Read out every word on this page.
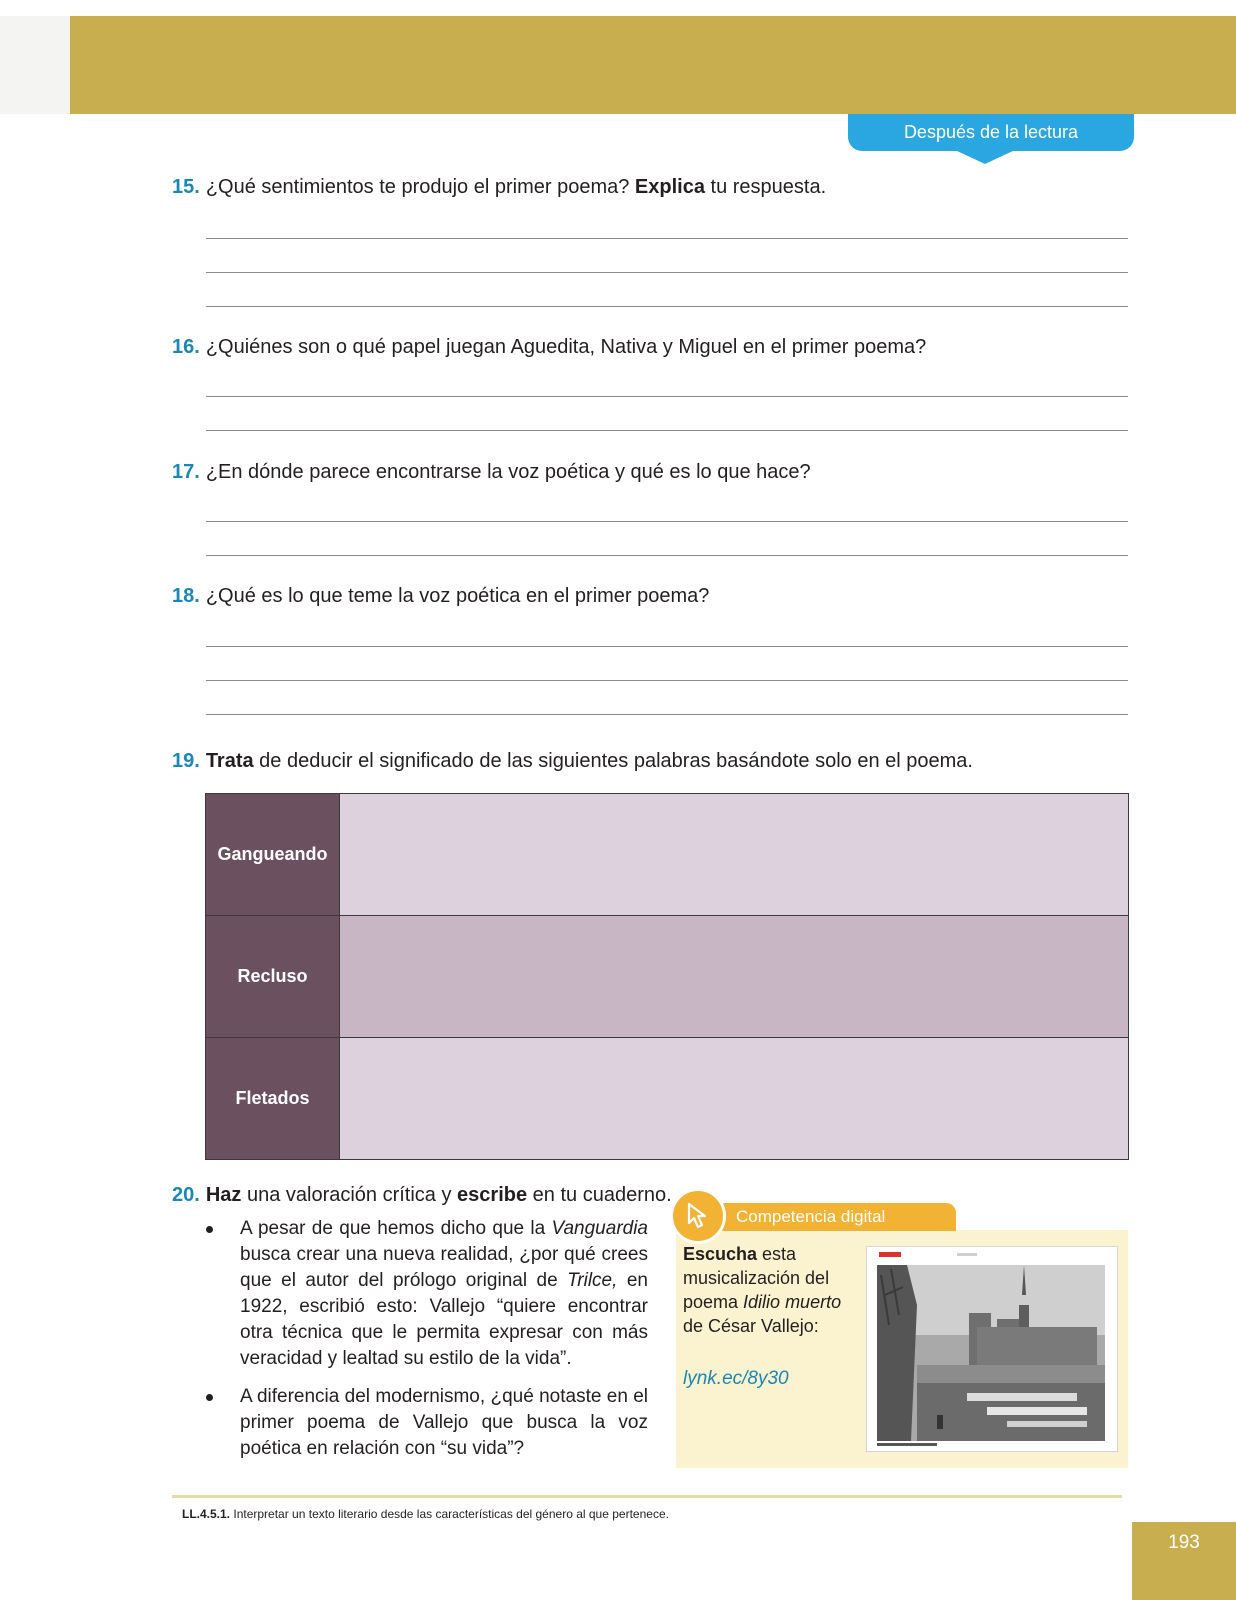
Después de la lectura
15. ¿Qué sentimientos te produjo el primer poema? Explica tu respuesta.
16. ¿Quiénes son o qué papel juegan Aguedita, Nativa y Miguel en el primer poema?
17. ¿En dónde parece encontrarse la voz poética y qué es lo que hace?
18. ¿Qué es lo que teme la voz poética en el primer poema?
19. Trata de deducir el significado de las siguientes palabras basándote solo en el poema.
Gangueando	
Recluso	
Fletados	
20. Haz una valoración crítica y escribe en tu cuaderno.
A pesar de que hemos dicho que la Vanguardia busca crear una nueva realidad, ¿por qué crees que el autor del prólogo original de Trilce, en 1922, escribió esto: Vallejo “quiere encontrar otra técnica que le permita expresar con más veracidad y lealtad su estilo de la vida”.
A diferencia del modernismo, ¿qué notaste en el primer poema de Vallejo que busca la voz poética en relación con “su vida”?
Competencia digital
Escucha esta musicalización del poema Idilio muerto de César Vallejo:
lynk.ec/8y30
LL.4.5.1. Interpretar un texto literario desde las características del género al que pertenece.
193
